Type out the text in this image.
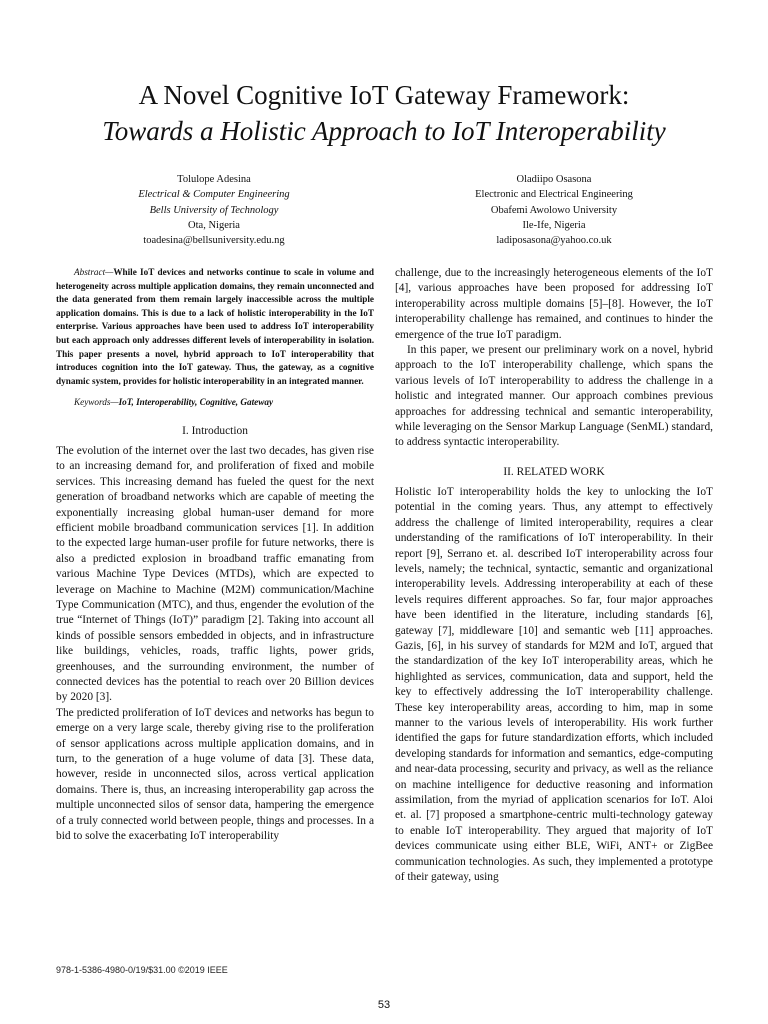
A Novel Cognitive IoT Gateway Framework:
Towards a Holistic Approach to IoT Interoperability
Tolulope Adesina
Electrical & Computer Engineering
Bells University of Technology
Ota, Nigeria
toadesina@bellsuniversity.edu.ng
Oladiipo Osasona
Electronic and Electrical Engineering
Obafemi Awolowo University
Ile-Ife, Nigeria
ladiposasona@yahoo.co.uk

Abstract—While IoT devices and networks continue to scale in volume and heterogeneity across multiple application domains, they remain unconnected and the data generated from them remain largely inaccessible across the multiple application domains. This is due to a lack of holistic interoperability in the IoT enterprise. Various approaches have been used to address IoT interoperability but each approach only addresses different levels of interoperability in isolation. This paper presents a novel, hybrid approach to IoT interoperability that introduces cognition into the IoT gateway. Thus, the gateway, as a cognitive dynamic system, provides for holistic interoperability in an integrated manner.

Keywords—IoT, Interoperability, Cognitive, Gateway

I. Introduction

The evolution of the internet over the last two decades, has given rise to an increasing demand for, and proliferation of fixed and mobile services. This increasing demand has fueled the quest for the next generation of broadband networks which are capable of meeting the exponentially increasing global human-user demand for more efficient mobile broadband communication services [1]. In addition to the expected large human-user profile for future networks, there is also a predicted explosion in broadband traffic emanating from various Machine Type Devices (MTDs), which are expected to leverage on Machine to Machine (M2M) communication/Machine Type Communication (MTC), and thus, engender the evolution of the true “Internet of Things (IoT)” paradigm [2]. Taking into account all kinds of possible sensors embedded in objects, and in infrastructure like buildings, vehicles, roads, traffic lights, power grids, greenhouses, and the surrounding environment, the number of connected devices has the potential to reach over 20 Billion devices by 2020 [3].

The predicted proliferation of IoT devices and networks has begun to emerge on a very large scale, thereby giving rise to the proliferation of sensor applications across multiple application domains, and in turn, to the generation of a huge volume of data [3]. These data, however, reside in unconnected silos, across vertical application domains. There is, thus, an increasing interoperability gap across the multiple unconnected silos of sensor data, hampering the emergence of a truly connected world between people, things and processes. In a bid to solve the exacerbating IoT interoperability

challenge, due to the increasingly heterogeneous elements of the IoT [4], various approaches have been proposed for addressing IoT interoperability across multiple domains [5]–[8]. However, the IoT interoperability challenge has remained, and continues to hinder the emergence of the true IoT paradigm.

In this paper, we present our preliminary work on a novel, hybrid approach to the IoT interoperability challenge, which spans the various levels of IoT interoperability to address the challenge in a holistic and integrated manner. Our approach combines previous approaches for addressing technical and semantic interoperability, while leveraging on the Sensor Markup Language (SenML) standard, to address syntactic interoperability.

II. RELATED WORK

Holistic IoT interoperability holds the key to unlocking the IoT potential in the coming years. Thus, any attempt to effectively address the challenge of limited interoperability, requires a clear understanding of the ramifications of IoT interoperability. In their report [9], Serrano et. al. described IoT interoperability across four levels, namely; the technical, syntactic, semantic and organizational interoperability levels. Addressing interoperability at each of these levels requires different approaches. So far, four major approaches have been identified in the literature, including standards [6], gateway [7], middleware [10] and semantic web [11] approaches. Gazis, [6], in his survey of standards for M2M and IoT, argued that the standardization of the key IoT interoperability areas, which he highlighted as services, communication, data and support, held the key to effectively addressing the IoT interoperability challenge. These key interoperability areas, according to him, map in some manner to the various levels of interoperability. His work further identified the gaps for future standardization efforts, which included developing standards for information and semantics, edge-computing and near-data processing, security and privacy, as well as the reliance on machine intelligence for deductive reasoning and information assimilation, from the myriad of application scenarios for IoT. Aloi et. al. [7] proposed a smartphone-centric multi-technology gateway to enable IoT interoperability. They argued that majority of IoT devices communicate using either BLE, WiFi, ANT+ or ZigBee communication technologies. As such, they implemented a prototype of their gateway, using

978-1-5386-4980-0/19/$31.00 ©2019 IEEE
53
